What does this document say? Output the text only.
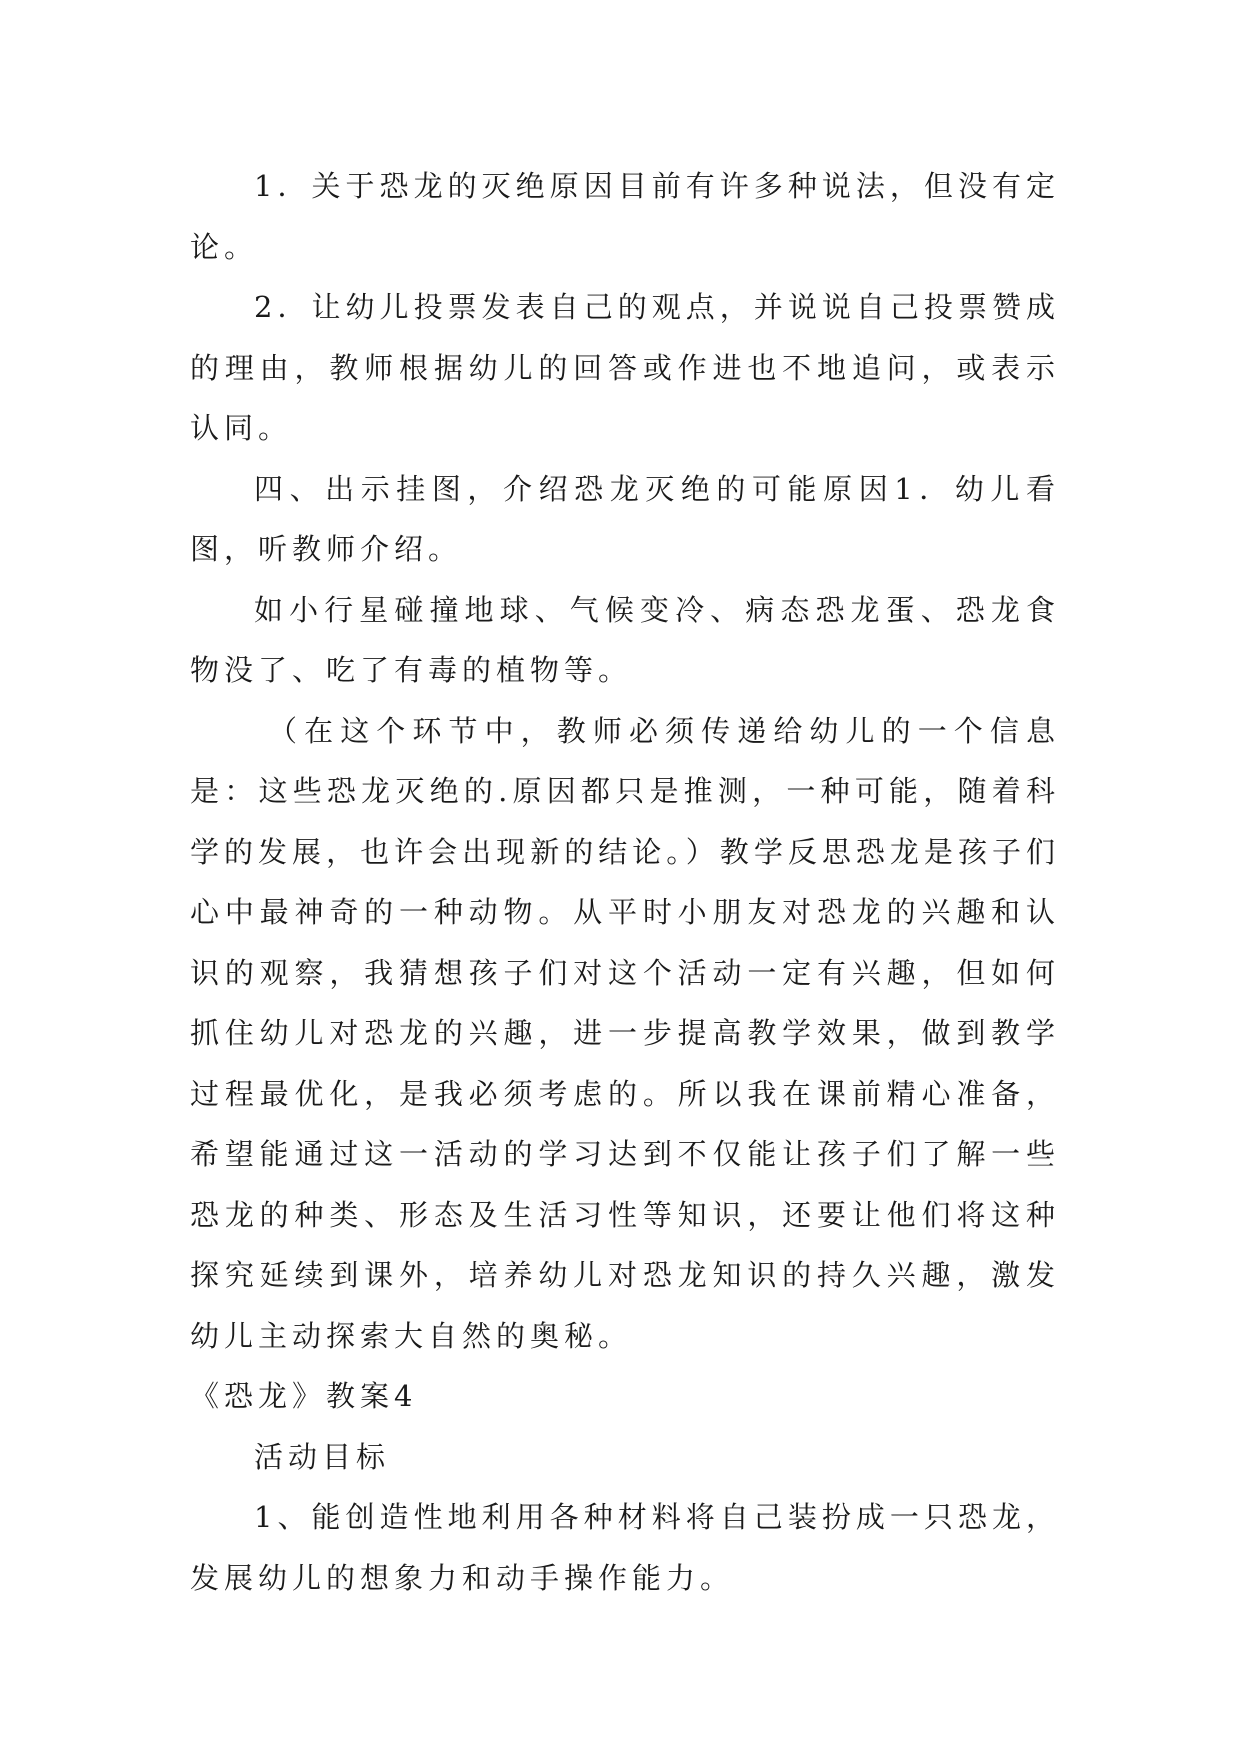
1．关于恐龙的灭绝原因目前有许多种说法，但没有定论。

2．让幼儿投票发表自己的观点，并说说自己投票赞成的理由，教师根据幼儿的回答或作进也不地追问，或表示认同。

四、出示挂图，介绍恐龙灭绝的可能原因1．幼儿看图，听教师介绍。

如小行星碰撞地球、气候变冷、病态恐龙蛋、恐龙食物没了、吃了有毒的植物等。

（在这个环节中，教师必须传递给幼儿的一个信息是：这些恐龙灭绝的.原因都只是推测，一种可能，随着科学的发展，也许会出现新的结论。）教学反思恐龙是孩子们心中最神奇的一种动物。从平时小朋友对恐龙的兴趣和认识的观察，我猜想孩子们对这个活动一定有兴趣，但如何抓住幼儿对恐龙的兴趣，进一步提高教学效果，做到教学过程最优化，是我必须考虑的。所以我在课前精心准备，希望能通过这一活动的学习达到不仅能让孩子们了解一些恐龙的种类、形态及生活习性等知识，还要让他们将这种探究延续到课外，培养幼儿对恐龙知识的持久兴趣，激发幼儿主动探索大自然的奥秘。

《恐龙》教案4

活动目标

1、能创造性地利用各种材料将自己装扮成一只恐龙，发展幼儿的想象力和动手操作能力。
